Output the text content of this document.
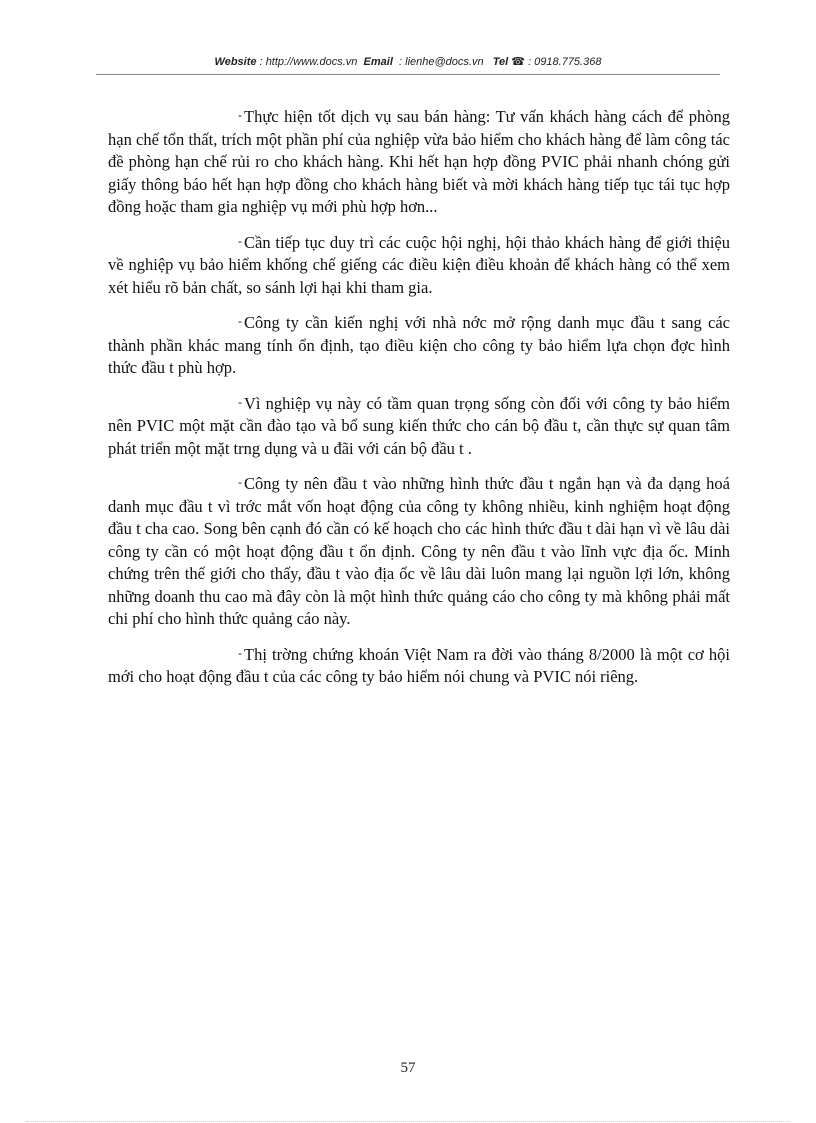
Website : http://www.docs.vn Email : lienhe@docs.vn Tel ☎ : 0918.775.368

- Thực hiện tốt dịch vụ sau bán hàng: Tư vấn khách hàng cách để phòng hạn chế tổn thất, trích một phần phí của nghiệp vừa bảo hiểm cho khách hàng để làm công tác đề phòng hạn chế rủi ro cho khách hàng. Khi hết hạn hợp đồng PVIC phải nhanh chóng gửi giấy thông báo hết hạn hợp đồng cho khách hàng biết và mời khách hàng tiếp tục tái tục hợp đồng hoặc tham gia nghiệp vụ mới phù hợp hơn...

- Cần tiếp tục duy trì các cuộc hội nghị, hội thảo khách hàng để giới thiệu về nghiệp vụ bảo hiểm khống chế giếng các điều kiện điều khoản để khách hàng có thể xem xét hiểu rõ bản chất, so sánh lợi hại khi tham gia.

- Công ty cần kiến nghị với nhà nớc mở rộng danh mục đầu t sang các thành phần khác mang tính ổn định, tạo điều kiện cho công ty bảo hiểm lựa chọn đợc hình thức đầu t phù hợp.

- Vì nghiệp vụ này có tầm quan trọng sống còn đối với công ty bảo hiểm nên PVIC một mặt cần đào tạo và bổ sung kiến thức cho cán bộ đầu t, cần thực sự quan tâm phát triển một mặt trng dụng và u đãi với cán bộ đầu t .

- Công ty nên đầu t vào những hình thức đầu t ngắn hạn và đa dạng hoá danh mục đầu t vì trớc mắt vốn hoạt động của công ty không nhiều, kinh nghiệm hoạt động đầu t cha cao. Song bên cạnh đó cần có kế hoạch cho các hình thức đầu t dài hạn vì về lâu dài công ty cần có một hoạt động đầu t ổn định. Công ty nên đầu t vào lĩnh vực địa ốc. Minh chứng trên thế giới cho thấy, đầu t vào địa ốc về lâu dài luôn mang lại nguồn lợi lớn, không những doanh thu cao mà đây còn là một hình thức quảng cáo cho công ty mà không phải mất chi phí cho hình thức quảng cáo này.

- Thị trờng chứng khoán Việt Nam ra đời vào tháng 8/2000 là một cơ hội mới cho hoạt động đầu t của các công ty bảo hiểm nói chung và PVIC nói riêng.

57
